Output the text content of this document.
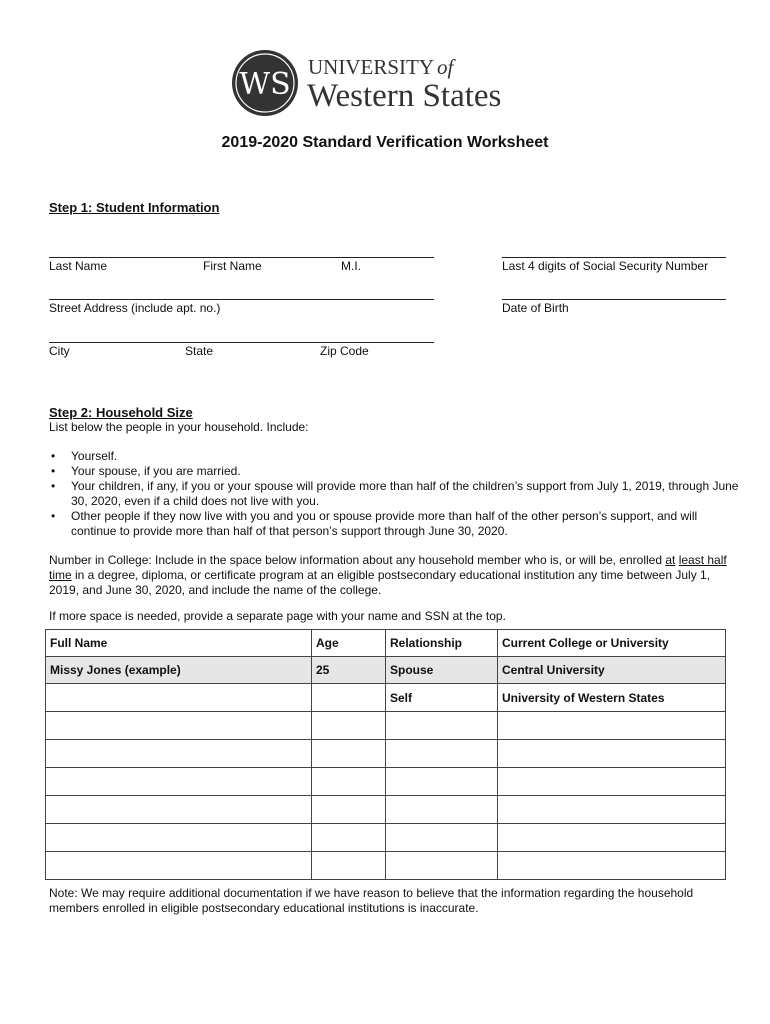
WS UNIVERSITY of
Western States
2019-2020 Standard Verification Worksheet
Step 1: Student Information
Last Name	First Name	M.I.	Last 4 digits of Social Security Number
Street Address (include apt. no.)	Date of Birth
City	State	Zip Code
Step 2: Household Size
List below the people in your household. Include:
• Yourself.
• Your spouse, if you are married.
• Your children, if any, if you or your spouse will provide more than half of the children’s support from July 1, 2019, through June 30, 2020, even if a child does not live with you.
• Other people if they now live with you and you or spouse provide more than half of the other person’s support, and will continue to provide more than half of that person’s support through June 30, 2020.
Number in College: Include in the space below information about any household member who is, or will be, enrolled at least half time in a degree, diploma, or certificate program at an eligible postsecondary educational institution any time between July 1, 2019, and June 30, 2020, and include the name of the college.
If more space is needed, provide a separate page with your name and SSN at the top.
Full Name	Age	Relationship	Current College or University
Missy Jones (example)	25	Spouse	Central University
		Self	University of Western States

Note: We may require additional documentation if we have reason to believe that the information regarding the household members enrolled in eligible postsecondary educational institutions is inaccurate.
